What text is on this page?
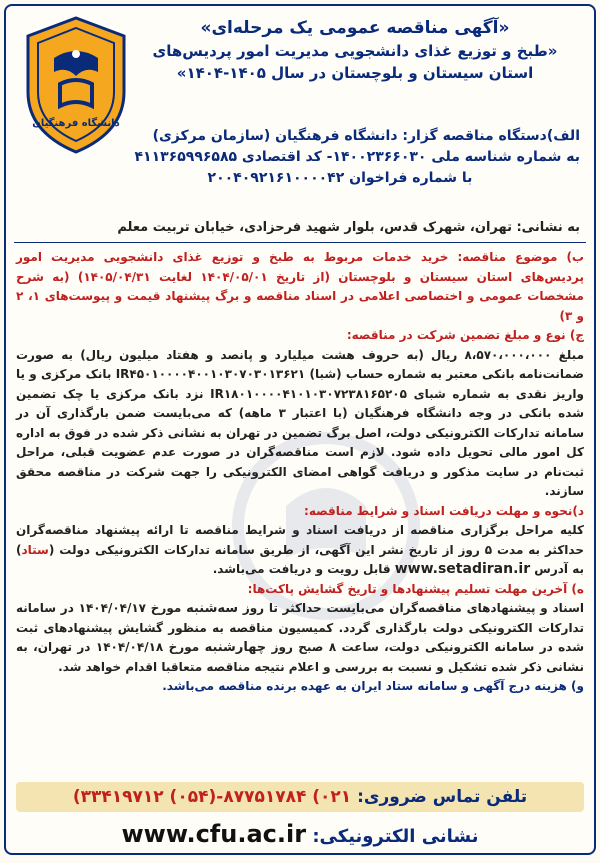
دانشگاه فرهنگیان
«آگهی مناقصه عمومی یک مرحله‌ای»
«طبخ و توزیع غذای دانشجویی مدیریت امور پردیس‌های
استان سیستان و بلوچستان در سال ۱۴۰۵-۱۴۰۴»
الف)دستگاه مناقصه گزار: دانشگاه فرهنگیان (سازمان مرکزی)
به شماره شناسه ملی ۱۴۰۰۲۳۶۶۰۳۰- کد اقتصادی ۴۱۱۳۶۵۹۹۶۵۸۵
با شماره فراخوان ۲۰۰۴۰۹۲۱۶۱۰۰۰۰۴۲
به نشانی: تهران، شهرک قدس، بلوار شهید فرحزادی، خیابان تربیت معلم

ب) موضوع مناقصه: خرید خدمات مربوط به طبخ و توزیع غذای دانشجویی مدیریت امور پردیس‌های استان سیستان و بلوچستان (از تاریخ ۱۴۰۴/۰۵/۰۱ لغایت ۱۴۰۵/۰۴/۳۱) (به شرح مشخصات عمومی و اختصاصی اعلامی در اسناد مناقصه و برگ پیشنهاد قیمت و پیوست‌های ۱، ۲ و ۳)

ج) نوع و مبلغ تضمین شرکت در مناقصه:
مبلغ ۸،۵۷۰،۰۰۰،۰۰۰ ریال (به حروف هشت میلیارد و پانصد و هفتاد میلیون ریال) به صورت ضمانت‌نامه بانکی معتبر به شماره حساب (شبا) IR۴۵۰۱۰۰۰۰۴۰۰۱۰۳۰۷۰۳۰۱۳۶۲۱ بانک مرکزی و یا واریز نقدی به شماره شبای IR۱۸۰۱۰۰۰۰۴۱۰۱۰۳۰۷۲۳۸۱۶۵۲۰۵ نزد بانک مرکزی یا چک تضمین شده بانکی در وجه دانشگاه فرهنگیان (با اعتبار ۳ ماهه) که می‌بایست ضمن بارگذاری آن در سامانه تدارکات الکترونیکی دولت، اصل برگ تضمین در تهران به نشانی ذکر شده در فوق به اداره کل امور مالی تحویل داده شود. لازم است مناقصه‌گران در صورت عدم عضویت قبلی، مراحل ثبت‌نام در سایت مذکور و دریافت گواهی امضای الکترونیکی را جهت شرکت در مناقصه محقق سازند.

د)نحوه و مهلت دریافت اسناد و شرایط مناقصه:
کلیه مراحل برگزاری مناقصه از دریافت اسناد و شرایط مناقصه تا ارائه پیشنهاد مناقصه‌گران حداکثر به مدت ۵ روز از تاریخ نشر این آگهی، از طریق سامانه تدارکات الکترونیکی دولت (ستاد) به آدرس www.setadiran.ir قابل رویت و دریافت می‌باشد.

ه) آخرین مهلت تسلیم پیشنهادها و تاریخ گشایش پاکت‌ها:
اسناد و پیشنهادهای مناقصه‌گران می‌بایست حداکثر تا روز سه‌شنبه مورخ ۱۴۰۴/۰۴/۱۷ در سامانه تدارکات الکترونیکی دولت بارگذاری گردد. کمیسیون مناقصه به منظور گشایش پیشنهادهای ثبت شده در سامانه الکترونیکی دولت، ساعت ۸ صبح روز چهارشنبه مورخ ۱۴۰۴/۰۴/۱۸ در تهران، به نشانی ذکر شده تشکیل و نسبت به بررسی و اعلام نتیجه مناقصه متعاقبا اقدام خواهد شد.

و) هزینه درج آگهی و سامانه ستاد ایران به عهده برنده مناقصه می‌باشد.

تلفن تماس ضروری: ۰۲۱) ۸۷۷۵۱۷۸۴-(۰۵۴) ۳۳۴۱۹۷۱۲)
نشانی الکترونیکی: www.cfu.ac.ir
